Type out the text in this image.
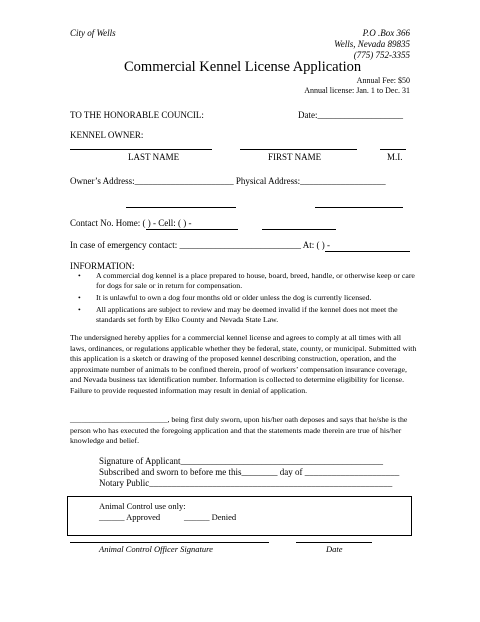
City of Wells	P.O .Box 366
Wells, Nevada 89835
(775) 752-3355
Commercial Kennel License Application
Annual Fee: $50
Annual license: Jan. 1 to Dec. 31
TO THE HONORABLE COUNCIL:	Date:___________________
KENNEL OWNER:
LAST NAME	FIRST NAME	M.I.
Owner’s Address:______________________ Physical Address:___________________
Contact No. Home: ( ) - Cell: ( ) -
In case of emergency contact: ___________________________ At: ( ) -
INFORMATION:
• A commercial dog kennel is a place prepared to house, board, breed, handle, or otherwise keep or care for dogs for sale or in return for compensation.
• It is unlawful to own a dog four months old or older unless the dog is currently licensed.
• All applications are subject to review and may be deemed invalid if the kennel does not meet the standards set forth by Elko County and Nevada State Law.
The undersigned hereby applies for a commercial kennel license and agrees to comply at all times with all laws, ordinances, or regulations applicable whether they be federal, state, county, or municipal. Submitted with this application is a sketch or drawing of the proposed kennel describing construction, operation, and the approximate number of animals to be confined therein, proof of workers’ compensation insurance coverage, and Nevada business tax identification number. Information is collected to determine eligibility for license. Failure to provide requested information may result in denial of application.
_________________________, being first duly sworn, upon his/her oath deposes and says that he/she is the person who has executed the foregoing application and that the statements made therein are true of his/her knowledge and belief.
Signature of Applicant_____________________________________________
Subscribed and sworn to before me this________ day of _____________________
Notary Public______________________________________________________
Animal Control use only:
______ Approved	______ Denied
Animal Control Officer Signature	Date
